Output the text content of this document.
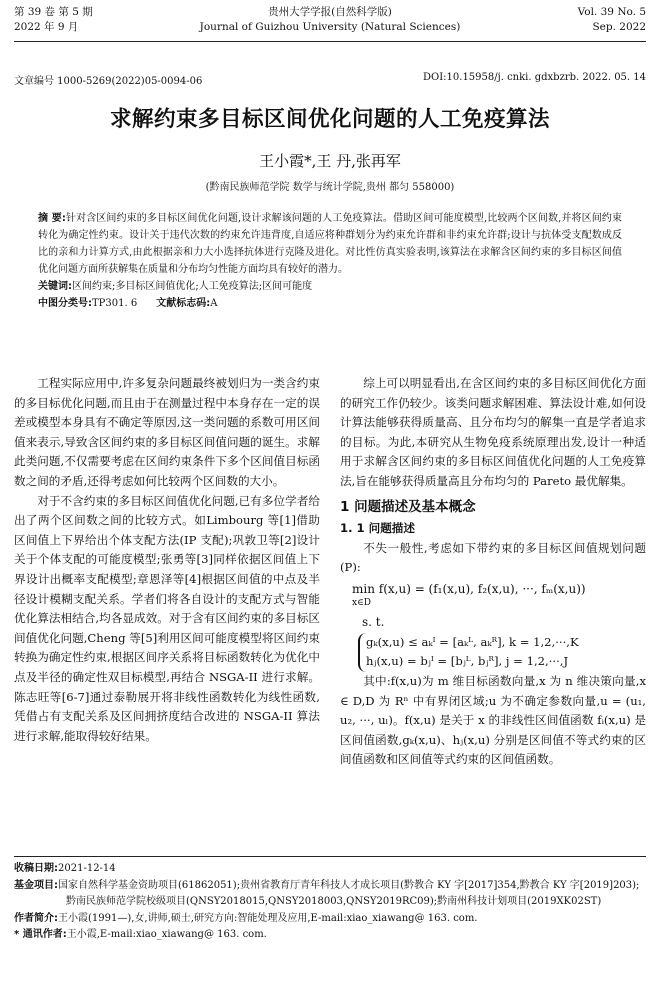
第 39 卷 第 5 期
2022 年 9 月
贵州大学学报(自然科学版)
Journal of Guizhou University (Natural Sciences)
Vol. 39 No. 5
Sep. 2022
文章编号 1000-5269(2022)05-0094-06	DOI:10.15958/j. cnki. gdxbzrb. 2022. 05. 14
求解约束多目标区间优化问题的人工免疫算法
王小霞*,王 丹,张再军
(黔南民族师范学院 数学与统计学院,贵州 都匀 558000)

摘 要:针对含区间约束的多目标区间优化问题,设计求解该问题的人工免疫算法。借助区间可能度模型,比较两个区间数,并将区间约束转化为确定性约束。设计关于违代次数的约束允许违背度,自适应将种群划分为约束允许群和非约束允许群;设计与抗体受支配数成反比的亲和力计算方式,由此根据亲和力大小选择抗体进行克隆及进化。对比性仿真实验表明,该算法在求解含区间约束的多目标区间值优化问题方面所获解集在质量和分布均匀性能方面均具有较好的潜力。

关键词:区间约束;多目标区间值优化;人工免疫算法;区间可能度

中图分类号:TP301. 6 文献标志码:A

工程实际应用中,许多复杂问题最终被划归为一类含约束的多目标优化问题,而且由于在测量过程中本身存在一定的误差或模型本身具有不确定等原因,这一类问题的系数可用区间值来表示,导致含区间约束的多目标区间值问题的诞生。求解此类问题,不仅需要考虑在区间约束条件下多个区间值目标函数之间的矛盾,还得考虑如何比较两个区间数的大小。

对于不含约束的多目标区间值优化问题,已有多位学者给出了两个区间数之间的比较方式。如Limbourg 等[1]借助区间值上下界给出个体支配方法(IP 支配);巩敦卫等[2]设计关于个体支配的可能度模型;张勇等[3]同样依据区间值上下界设计出概率支配模型;章恩泽等[4]根据区间值的中点及半径设计模糊支配关系。学者们将各自设计的支配方式与智能优化算法相结合,均各显成效。对于含有区间约束的多目标区间值优化问题,Cheng 等[5]利用区间可能度模型将区间约束转换为确定性约束,根据区间序关系将目标函数转化为优化中点及半径的确定性双目标模型,再结合 NSGA-II 进行求解。陈志旺等[6-7]通过泰勒展开将非线性函数转化为线性函数,凭借占有支配关系及区间拥挤度结合改进的 NSGA-II 算法进行求解,能取得较好结果。

综上可以明显看出,在含区间约束的多目标区间优化方面的研究工作仍较少。该类问题求解困难、算法设计难,如何设计算法能够获得质量高、且分布均匀的解集一直是学者追求的目标。为此,本研究从生物免疫系统原理出发,设计一种适用于求解含区间约束的多目标区间值优化问题的人工免疫算法,旨在能够获得质量高且分布均匀的 Pareto 最优解集。

1 问题描述及基本概念
1. 1 问题描述

不失一般性,考虑如下带约束的多目标区间值规划问题(P):

min f(x,u) = (f₁(x,u), f₂(x,u), ···, fₘ(x,u))
x∈D
s. t.
gₖ(x,u) ≤ aₖᴵ = [aₖᴸ, aₖᴿ], k = 1,2,···,K
hⱼ(x,u) = bⱼᴵ = [bⱼᴸ, bⱼᴿ], j = 1,2,···,J

其中:f(x,u)为 m 维目标函数向量,x 为 n 维决策向量,x ∈ D,D 为 Rⁿ 中有界闭区域;u 为不确定参数向量,u = (u₁, u₂, ···, uₗ)。f(x,u) 是关于 x 的非线性区间值函数 fᵢ(x,u) 是区间值函数,gₖ(x,u)、hⱼ(x,u) 分别是区间值不等式约束的区间值函数和区间值等式约束的区间值函数。

收稿日期:2021-12-14
基金项目:国家自然科学基金资助项目(61862051);贵州省教育厅青年科技人才成长项目(黔教合 KY 字[2017]354,黔教合 KY 字[2019]203);黔南民族师范学院校级项目(QNSY2018015,QNSY2018003,QNSY2019RC09);黔南州科技计划项目(2019XK02ST)
作者简介:王小霞(1991—),女,讲师,硕士,研究方向:智能处理及应用,E-mail:xiao_xiawang@ 163. com.
* 通讯作者:王小霞,E-mail:xiao_xiawang@ 163. com.
